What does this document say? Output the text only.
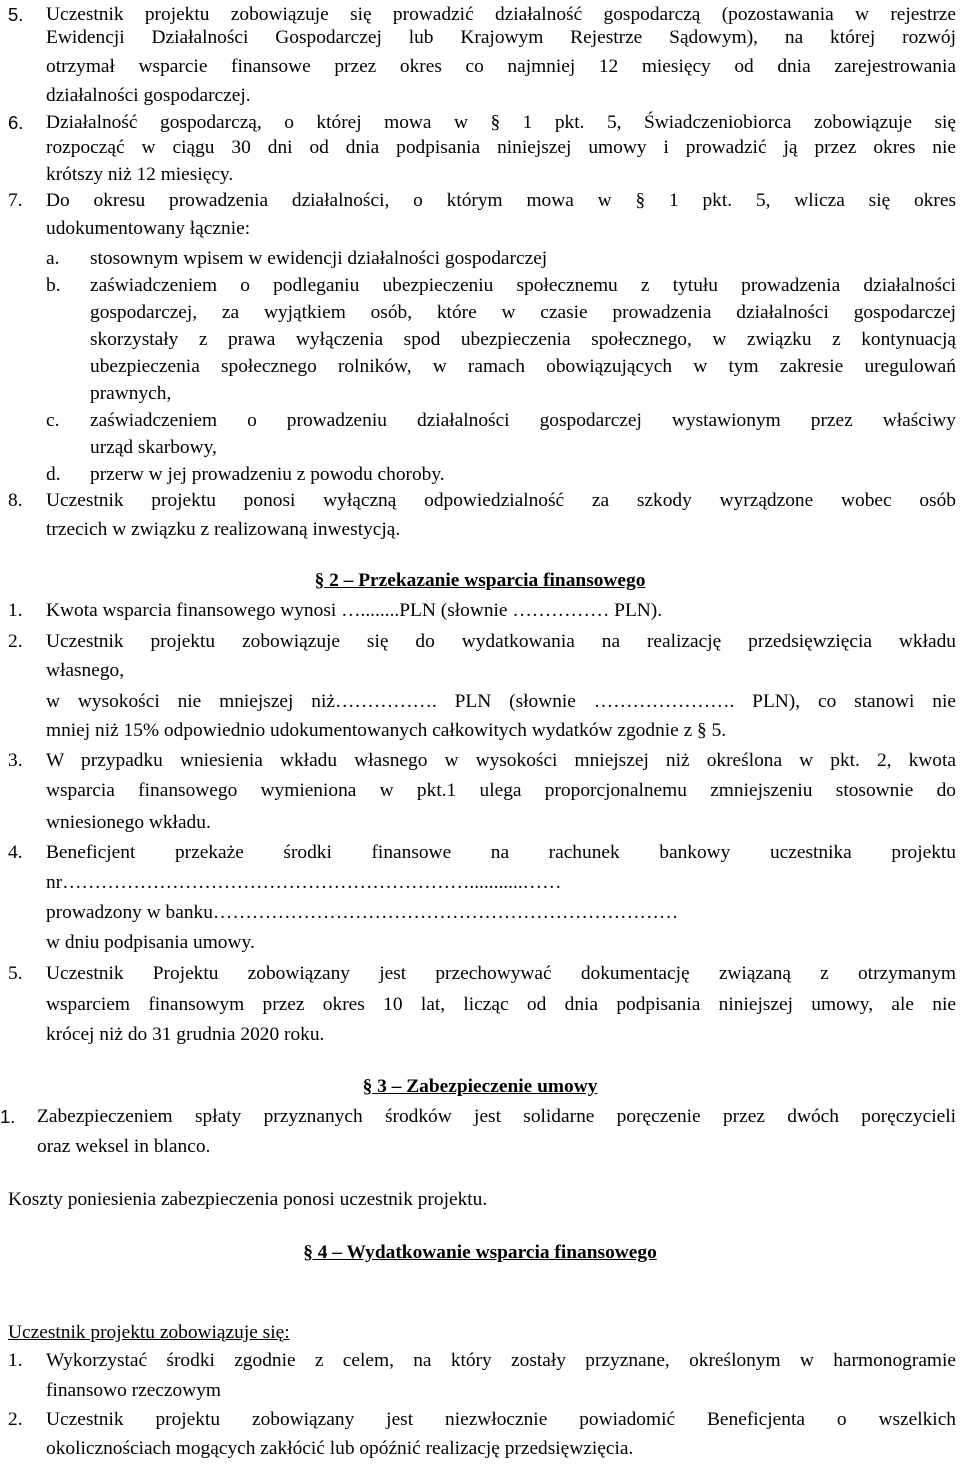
5. Uczestnik projektu zobowiązuje się prowadzić działalność gospodarczą (pozostawania w rejestrze
Ewidencji Działalności Gospodarczej lub Krajowym Rejestrze Sądowym), na której rozwój
otrzymał wsparcie finansowe przez okres co najmniej 12 miesięcy od dnia zarejestrowania
działalności gospodarczej.
6. Działalność gospodarczą, o której mowa w § 1 pkt. 5, Świadczeniobiorca zobowiązuje się
rozpocząć w ciągu 30 dni od dnia podpisania niniejszej umowy i prowadzić ją przez okres nie
krótszy niż 12 miesięcy.
7. Do okresu prowadzenia działalności, o którym mowa w § 1 pkt. 5, wlicza się okres
udokumentowany łącznie:
a. stosownym wpisem w ewidencji działalności gospodarczej
b. zaświadczeniem o podleganiu ubezpieczeniu społecznemu z tytułu prowadzenia działalności
gospodarczej, za wyjątkiem osób, które w czasie prowadzenia działalności gospodarczej
skorzystały z prawa wyłączenia spod ubezpieczenia społecznego, w związku z kontynuacją
ubezpieczenia społecznego rolników, w ramach obowiązujących w tym zakresie uregulowań
prawnych,
c. zaświadczeniem o prowadzeniu działalności gospodarczej wystawionym przez właściwy
urząd skarbowy,
d. przerw w jej prowadzeniu z powodu choroby.
8. Uczestnik projektu ponosi wyłączną odpowiedzialność za szkody wyrządzone wobec osób
trzecich w związku z realizowaną inwestycją.
§ 2 – Przekazanie wsparcia finansowego
1. Kwota wsparcia finansowego wynosi …........PLN (słownie …………… PLN).
2. Uczestnik projektu zobowiązuje się do wydatkowania na realizację przedsięwzięcia wkładu
własnego,
w wysokości nie mniejszej niż……………. PLN (słownie …………………. PLN), co stanowi nie
mniej niż 15% odpowiednio udokumentowanych całkowitych wydatków zgodnie z § 5.
3. W przypadku wniesienia wkładu własnego w wysokości mniejszej niż określona w pkt. 2, kwota
wsparcia finansowego wymieniona w pkt.1 ulega proporcjonalnemu zmniejszeniu stosownie do
wniesionego wkładu.
4. Beneficjent przekaże środki finansowe na rachunek bankowy uczestnika projektu
nr………………………………………………………...........……
prowadzony w banku………………………………………………………………
w dniu podpisania umowy.
5. Uczestnik Projektu zobowiązany jest przechowywać dokumentację związaną z otrzymanym
wsparciem finansowym przez okres 10 lat, licząc od dnia podpisania niniejszej umowy, ale nie
krócej niż do 31 grudnia 2020 roku.
§ 3 – Zabezpieczenie umowy
1. Zabezpieczeniem spłaty przyznanych środków jest solidarne poręczenie przez dwóch poręczycieli
oraz weksel in blanco.
Koszty poniesienia zabezpieczenia ponosi uczestnik projektu.
§ 4 – Wydatkowanie wsparcia finansowego
Uczestnik projektu zobowiązuje się:
1. Wykorzystać środki zgodnie z celem, na który zostały przyznane, określonym w harmonogramie
finansowo rzeczowym
2. Uczestnik projektu zobowiązany jest niezwłocznie powiadomić Beneficjenta o wszelkich
okolicznościach mogących zakłócić lub opóźnić realizację przedsięwzięcia.
